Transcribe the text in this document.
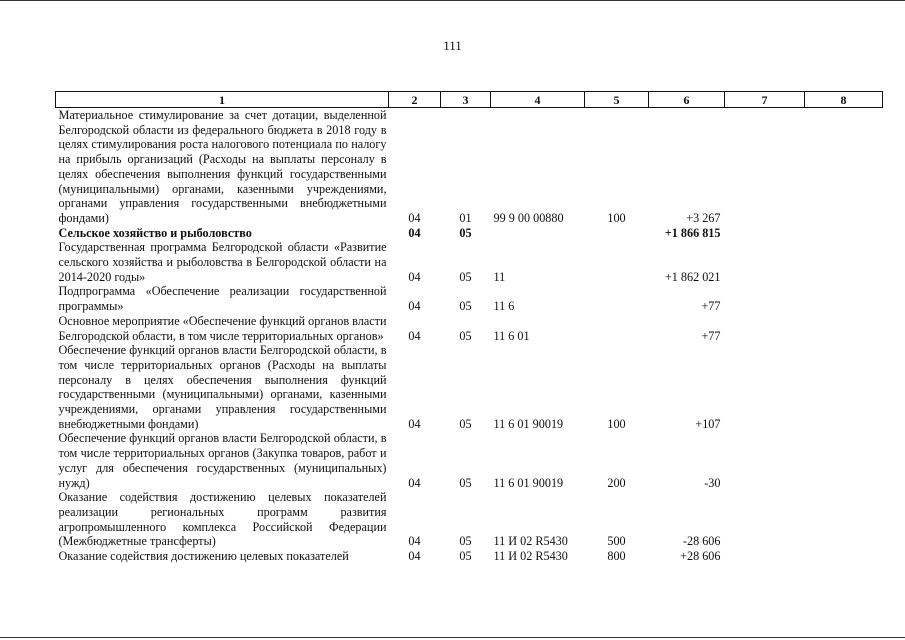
111
1	2	3	4	5	6	7	8
Материальное стимулирование за счет дотации, выделенной Белгородской области из федерального бюджета в 2018 году в целях стимулирования роста налогового потенциала по налогу на прибыль организаций (Расходы на выплаты персоналу в целях обеспечения выполнения функций государственными (муниципальными) органами, казенными учреждениями, органами управления государственными внебюджетными фондами)	04	01	99 9 00 00880	100	+3 267		
Сельское хозяйство и рыболовство	04	05			+1 866 815		
Государственная программа Белгородской области «Развитие сельского хозяйства и рыболовства в Белгородской области на 2014-2020 годы»	04	05	11		+1 862 021		
Подпрограмма «Обеспечение реализации государственной программы»	04	05	11 6		+77		
Основное мероприятие «Обеспечение функций органов власти Белгородской области, в том числе территориальных органов»	04	05	11 6 01		+77		
Обеспечение функций органов власти Белгородской области, в том числе территориальных органов (Расходы на выплаты персоналу в целях обеспечения выполнения функций государственными (муниципальными) органами, казенными учреждениями, органами управления государственными внебюджетными фондами)	04	05	11 6 01 90019	100	+107		
Обеспечение функций органов власти Белгородской области, в том числе территориальных органов (Закупка товаров, работ и услуг для обеспечения государственных (муниципальных) нужд)	04	05	11 6 01 90019	200	-30		
Оказание содействия достижению целевых показателей реализации региональных программ развития агропромышленного комплекса Российской Федерации (Межбюджетные трансферты)	04	05	11 И 02 R5430	500	-28 606		
Оказание содействия достижению целевых показателей	04	05	11 И 02 R5430	800	+28 606		
